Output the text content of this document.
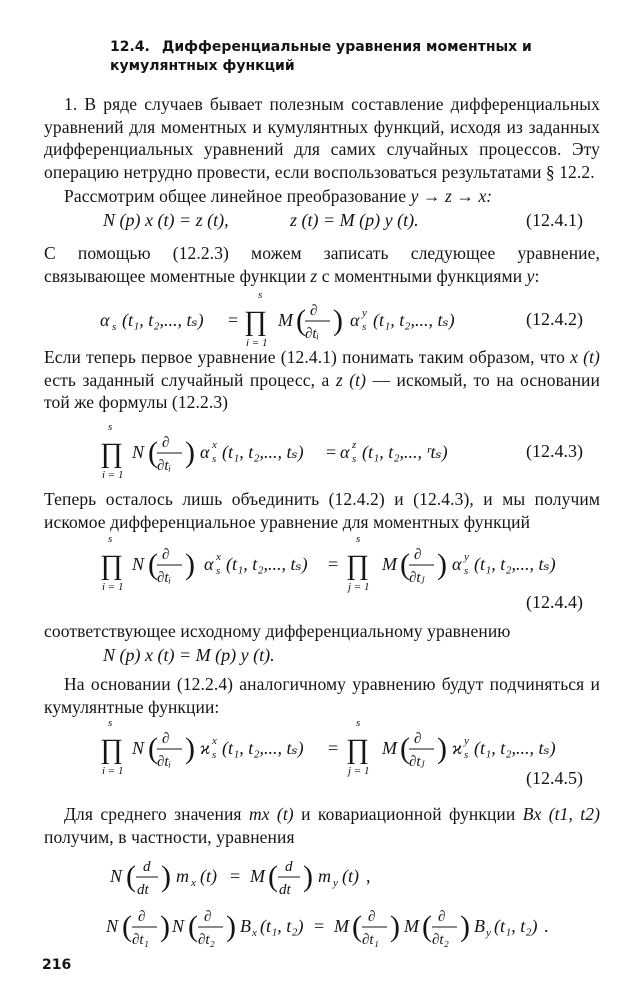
12.4. Дифференциальные уравнения моментных и кумулянтных функций
1. В ряде случаев бывает полезным составление дифференциальных уравнений для моментных и кумулянтных функций, исходя из заданных дифференциальных уравнений для самих случайных процессов. Эту операцию нетрудно провести, если воспользоваться результатами § 12.2.
Рассмотрим общее линейное преобразование y → z → x:
N (p) x (t) = z (t),	z (t) = M (p) y (t).	(12.4.1)
С помощью (12.2.3) можем записать следующее уравнение, связывающее моментные функции z с моментными функциями y:
α s (t₁, t₂,..., tₛ) =
s
∏
i = 1
M ( ∂
∂tᵢ ) α y
s (t₁, t₂,..., tₛ)	(12.4.2)
Если теперь первое уравнение (12.4.1) понимать таким образом, что x (t) есть заданный случайный процесс, а z (t) — искомый, то на основании той же формулы (12.2.3)
s
∏
i = 1
N ( ∂
∂tᵢ ) α x
s (t₁, t₂,..., tₛ) = α z
s (t₁, t₂,..., ʳtₛ)	(12.4.3)
Теперь осталось лишь объединить (12.4.2) и (12.4.3), и мы получим искомое дифференциальное уравнение для моментных функций
s
∏
i = 1
N ( ∂
∂tᵢ ) α x
s (t₁, t₂,..., tₛ) =
s
∏
j = 1
M ( ∂
∂tⱼ ) α y
s (t₁, t₂,..., tₛ)
(12.4.4)
соответствующее исходному дифференциальному уравнению
N (p) x (t) = M (p) y (t).
На основании (12.2.4) аналогичному уравнению будут подчиняться и кумулянтные функции:
s
∏
i = 1
N ( ∂
∂tᵢ ) ϰ x
s (t₁, t₂,..., tₛ) =
s
∏
j = 1
M ( ∂
∂tⱼ ) ϰ y
s (t₁, t₂,..., tₛ)
(12.4.5)
Для среднего значения mx (t) и ковариационной функции Bx (t1, t2) получим, в частности, уравнения
N ( d
dt ) m x (t) = M ( d
dt ) m y (t) ,
N ( ∂
∂t₁ ) N ( ∂
∂t₂ ) B x (t₁, t₂) = M ( ∂
∂t₁ ) M ( ∂
∂t₂ ) B y (t₁, t₂) .
216
